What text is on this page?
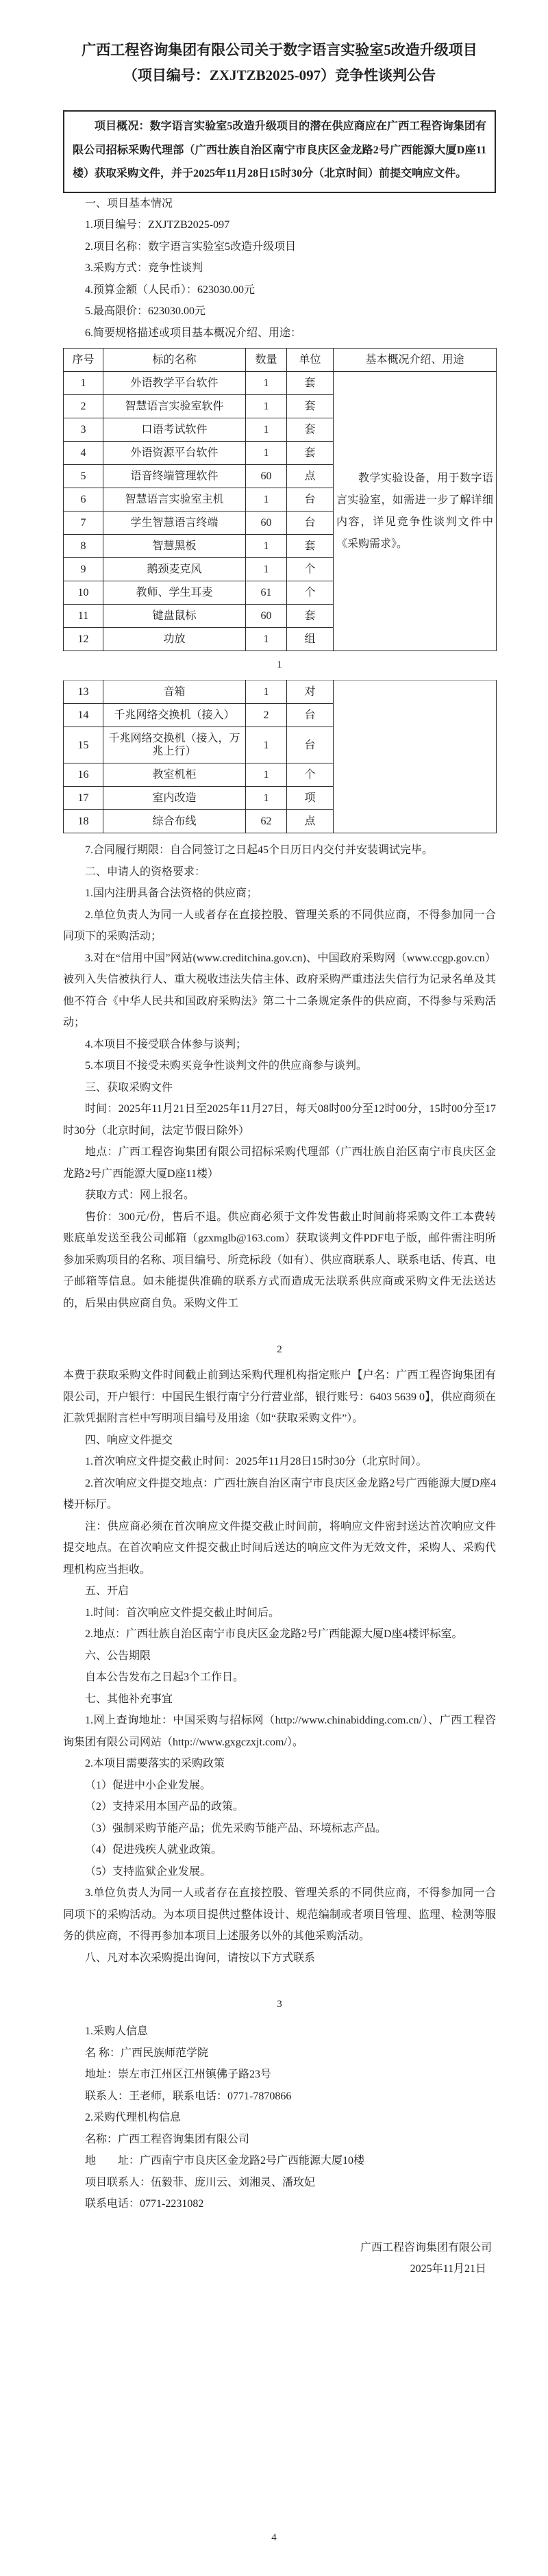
广西工程咨询集团有限公司关于数字语言实验室5改造升级项目
（项目编号：ZXJTZB2025-097）竞争性谈判公告

项目概况：数字语言实验室5改造升级项目的潜在供应商应在广西工程咨询集团有限公司招标采购代理部（广西壮族自治区南宁市良庆区金龙路2号广西能源大厦D座11楼）获取采购文件，并于2025年11月28日15时30分（北京时间）前提交响应文件。

一、项目基本情况

1.项目编号：ZXJTZB2025-097

2.项目名称：数字语言实验室5改造升级项目

3.采购方式：竞争性谈判

4.预算金额（人民币）：623030.00元

5.最高限价：623030.00元

6.简要规格描述或项目基本概况介绍、用途：

序号	标的名称	数量	单位	基本概况介绍、用途
1	外语教学平台软件	1	套	教学实验设备，用于数字语言实验室，如需进一步了解详细内容，详见竞争性谈判文件中《采购需求》。

2	智慧语言实验室软件	1	套	
3	口语考试软件	1	套	
4	外语资源平台软件	1	套	
5	语音终端管理软件	60	点	
6	智慧语言实验室主机	1	台	
7	学生智慧语言终端	60	台	
8	智慧黑板	1	套	
9	鹅颈麦克风	1	个	
10	教师、学生耳麦	61	个	
11	键盘鼠标	60	套	
12	功放	1	组	

1

13	音箱	1	对	

14	千兆网络交换机（接入）	2	台	
15	千兆网络交换机（接入，万兆上行）	1	台	
16	教室机柜	1	个	
17	室内改造	1	项	
18	综合布线	62	点	

7.合同履行期限：自合同签订之日起45个日历日内交付并安装调试完毕。

二、申请人的资格要求：

1.国内注册具备合法资格的供应商；

2.单位负责人为同一人或者存在直接控股、管理关系的不同供应商，不得参加同一合同项下的采购活动；

3.对在“信用中国”网站(www.creditchina.gov.cn)、中国政府采购网（www.ccgp.gov.cn）被列入失信被执行人、重大税收违法失信主体、政府采购严重违法失信行为记录名单及其他不符合《中华人民共和国政府采购法》第二十二条规定条件的供应商，不得参与采购活动；

4.本项目不接受联合体参与谈判；

5.本项目不接受未购买竞争性谈判文件的供应商参与谈判。

三、获取采购文件

时间：2025年11月21日至2025年11月27日，每天08时00分至12时00分，15时00分至17时30分（北京时间，法定节假日除外）

地点：广西工程咨询集团有限公司招标采购代理部（广西壮族自治区南宁市良庆区金龙路2号广西能源大厦D座11楼）

获取方式：网上报名。

售价：300元/份，售后不退。供应商必须于文件发售截止时间前将采购文件工本费转账底单发送至我公司邮箱（gzxmglb@163.com）获取谈判文件PDF电子版，邮件需注明所参加采购项目的名称、项目编号、所竞标段（如有）、供应商联系人、联系电话、传真、电子邮箱等信息。如未能提供准确的联系方式而造成无法联系供应商或采购文件无法送达的，后果由供应商自负。采购文件工

2

本费于获取采购文件时间截止前到达采购代理机构指定账户【户名：广西工程咨询集团有限公司，开户银行：中国民生银行南宁分行营业部，银行账号：6403 5639 0】，供应商须在汇款凭据附言栏中写明项目编号及用途（如“获取采购文件”）。

四、响应文件提交

1.首次响应文件提交截止时间：2025年11月28日15时30分（北京时间）。

2.首次响应文件提交地点：广西壮族自治区南宁市良庆区金龙路2号广西能源大厦D座4楼开标厅。

注：供应商必须在首次响应文件提交截止时间前，将响应文件密封送达首次响应文件提交地点。在首次响应文件提交截止时间后送达的响应文件为无效文件，采购人、采购代理机构应当拒收。

五、开启

1.时间：首次响应文件提交截止时间后。

2.地点：广西壮族自治区南宁市良庆区金龙路2号广西能源大厦D座4楼评标室。

六、公告期限

自本公告发布之日起3个工作日。

七、其他补充事宜

1.网上查询地址：中国采购与招标网（http://www.chinabidding.com.cn/）、广西工程咨询集团有限公司网站（http://www.gxgczxjt.com/）。

2.本项目需要落实的采购政策

（1）促进中小企业发展。

（2）支持采用本国产品的政策。

（3）强制采购节能产品；优先采购节能产品、环境标志产品。

（4）促进残疾人就业政策。

（5）支持监狱企业发展。

3.单位负责人为同一人或者存在直接控股、管理关系的不同供应商，不得参加同一合同项下的采购活动。为本项目提供过整体设计、规范编制或者项目管理、监理、检测等服务的供应商，不得再参加本项目上述服务以外的其他采购活动。

八、凡对本次采购提出询问，请按以下方式联系

3

1.采购人信息

名 称：广西民族师范学院

地址：崇左市江州区江州镇佛子路23号

联系人：王老师，联系电话：0771-7870866

2.采购代理机构信息

名称：广西工程咨询集团有限公司

地　　址：广西南宁市良庆区金龙路2号广西能源大厦10楼

项目联系人：伍毅菲、庞川云、刘湘灵、潘玫妃

联系电话：0771-2231082

广西工程咨询集团有限公司
2025年11月21日

4
